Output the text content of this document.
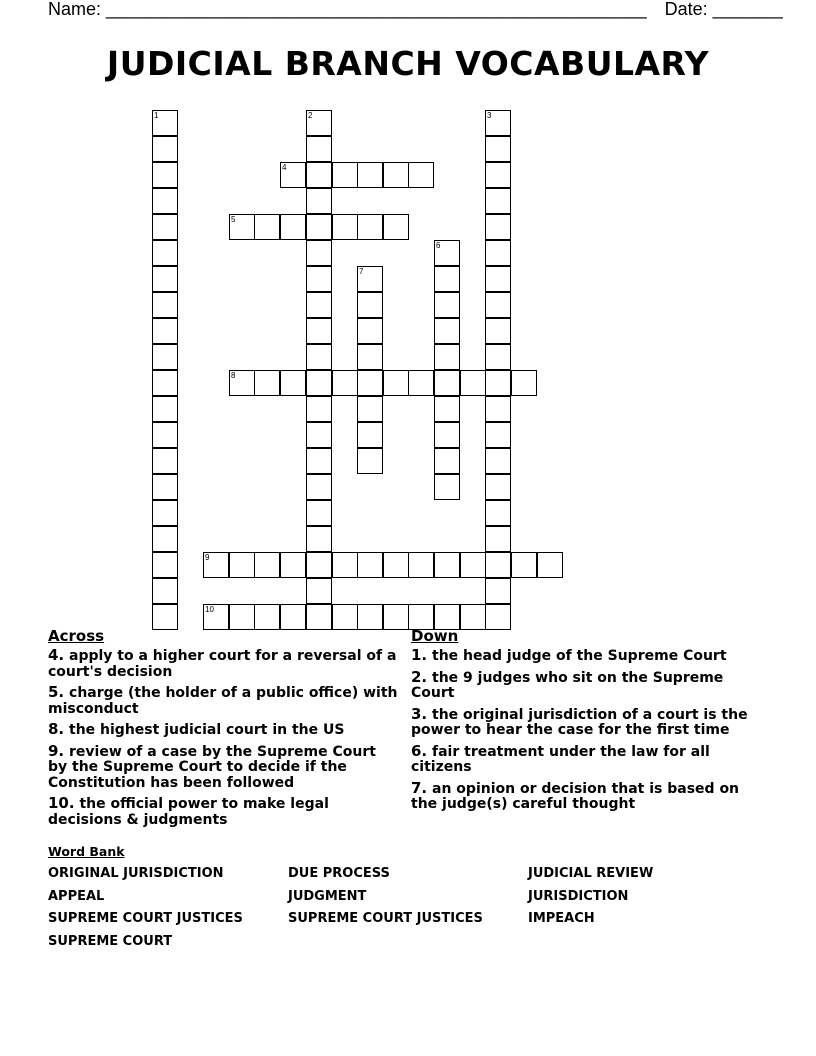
Name: ______________________________________________________ Date: _______
JUDICIAL BRANCH VOCABULARY
1	2	3
4
5
6
7
8
9
10
Across
4. apply to a higher court for a reversal of a court's decision
5. charge (the holder of a public office) with misconduct
8. the highest judicial court in the US
9. review of a case by the Supreme Court by the Supreme Court to decide if the Constitution has been followed
10. the official power to make legal decisions & judgments
Down
1. the head judge of the Supreme Court
2. the 9 judges who sit on the Supreme Court
3. the original jurisdiction of a court is the power to hear the case for the first time
6. fair treatment under the law for all citizens
7. an opinion or decision that is based on the judge(s) careful thought
Word Bank
ORIGINAL JURISDICTION	DUE PROCESS	JUDICIAL REVIEW
APPEAL	JUDGMENT	JURISDICTION
SUPREME COURT JUSTICES	SUPREME COURT JUSTICES	IMPEACH
SUPREME COURT
